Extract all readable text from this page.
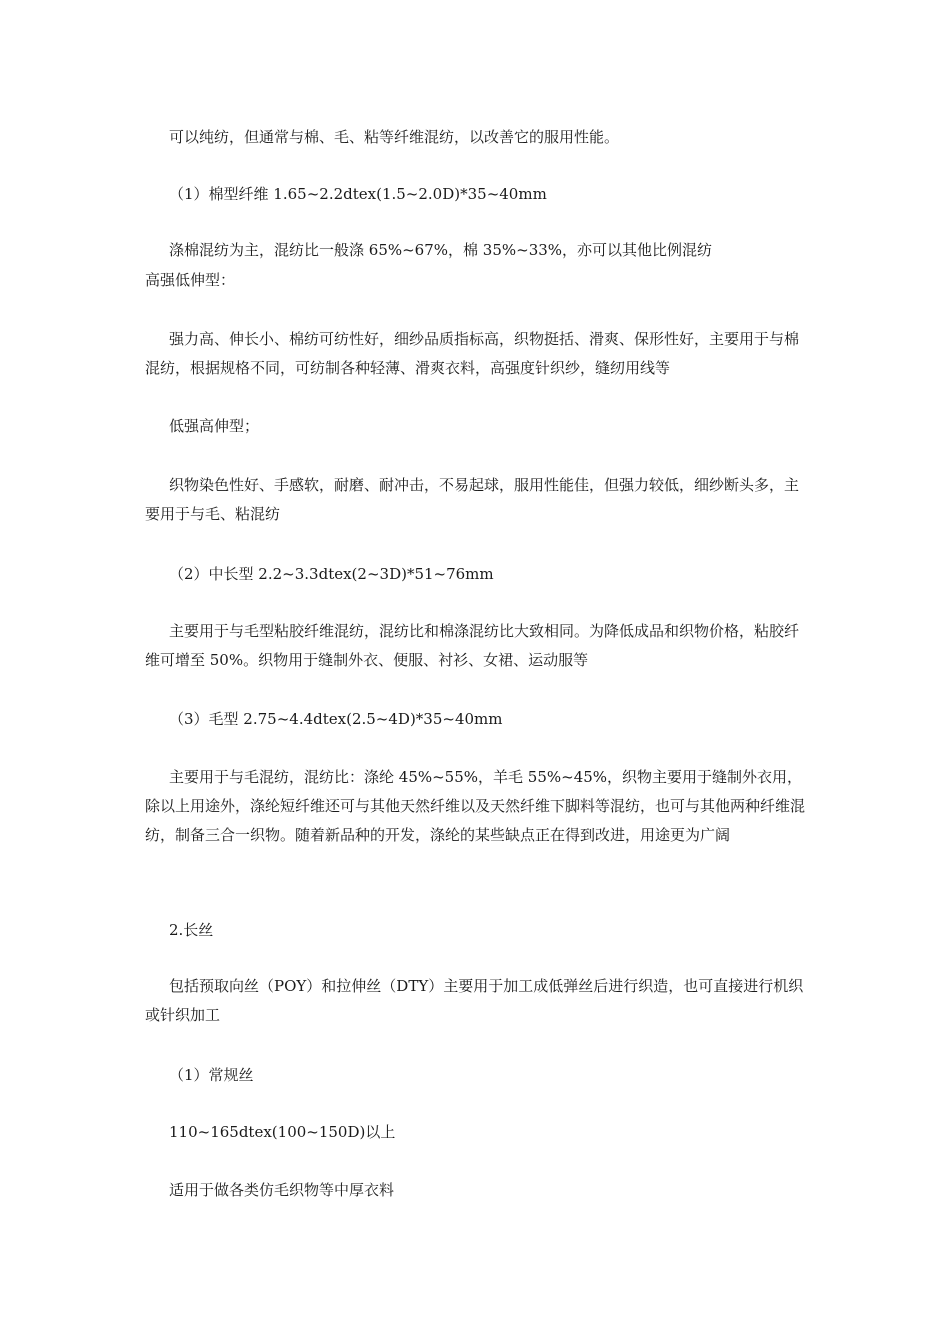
可以纯纺，但通常与棉、毛、粘等纤维混纺，以改善它的服用性能。
（1）棉型纤维 1.65~2.2dtex(1.5~2.0D)*35~40mm
涤棉混纺为主，混纺比一般涤 65%~67%，棉 35%~33%，亦可以其他比例混纺
高强低伸型：
强力高、伸长小、棉纺可纺性好，细纱品质指标高，织物挺括、滑爽、保形性好，主要用于与棉混纺，根据规格不同，可纺制各种轻薄、滑爽衣料，高强度针织纱，缝纫用线等
低强高伸型；
织物染色性好、手感软，耐磨、耐冲击，不易起球，服用性能佳，但强力较低，细纱断头多，主要用于与毛、粘混纺
（2）中长型 2.2~3.3dtex(2~3D)*51~76mm
主要用于与毛型粘胶纤维混纺，混纺比和棉涤混纺比大致相同。为降低成品和织物价格，粘胶纤维可增至 50%。织物用于缝制外衣、便服、衬衫、女裙、运动服等
（3）毛型 2.75~4.4dtex(2.5~4D)*35~40mm
主要用于与毛混纺，混纺比：涤纶 45%~55%，羊毛 55%~45%，织物主要用于缝制外衣用，除以上用途外，涤纶短纤维还可与其他天然纤维以及天然纤维下脚料等混纺，也可与其他两种纤维混纺，制备三合一织物。随着新品种的开发，涤纶的某些缺点正在得到改进，用途更为广阔
2.长丝
包括预取向丝（POY）和拉伸丝（DTY）主要用于加工成低弹丝后进行织造，也可直接进行机织或针织加工
（1）常规丝
110~165dtex(100~150D)以上
适用于做各类仿毛织物等中厚衣料
